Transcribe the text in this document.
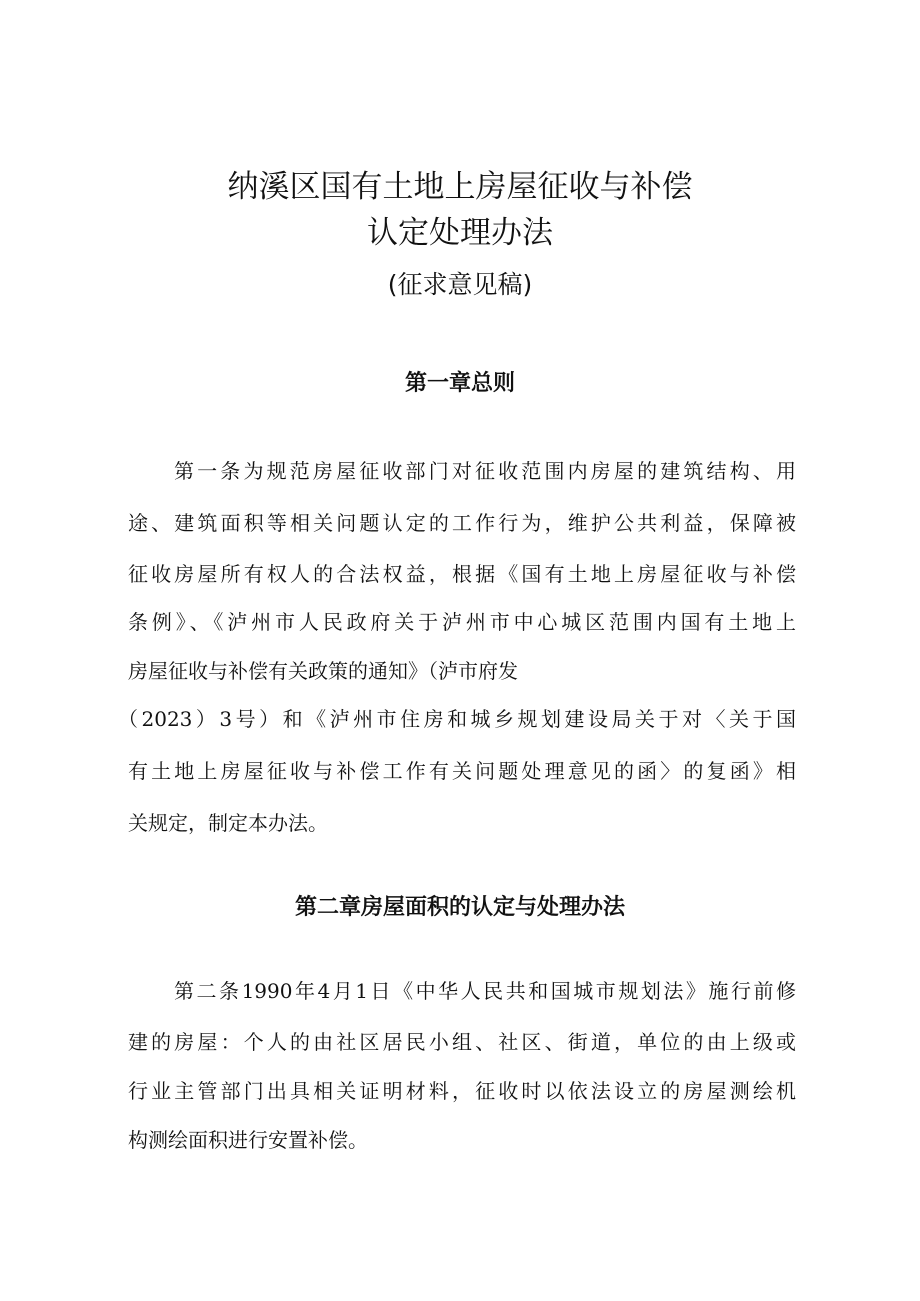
纳溪区国有土地上房屋征收与补偿
认定处理办法
(征求意见稿)
第一章总则
第一条为规范房屋征收部门对征收范围内房屋的建筑结构、用
途、建筑面积等相关问题认定的工作行为，维护公共利益，保障被
征收房屋所有权人的合法权益，根据《国有土地上房屋征收与补偿
条例》、《泸州市人民政府关于泸州市中心城区范围内国有土地上
房屋征收与补偿有关政策的通知》（泸市府发
（2023）3号）和《泸州市住房和城乡规划建设局关于对〈关于国
有土地上房屋征收与补偿工作有关问题处理意见的函〉的复函》相
关规定，制定本办法。
第二章房屋面积的认定与处理办法
第二条1990年4月1日《中华人民共和国城市规划法》施行前修
建的房屋：个人的由社区居民小组、社区、街道，单位的由上级或
行业主管部门出具相关证明材料，征收时以依法设立的房屋测绘机
构测绘面积进行安置补偿。
